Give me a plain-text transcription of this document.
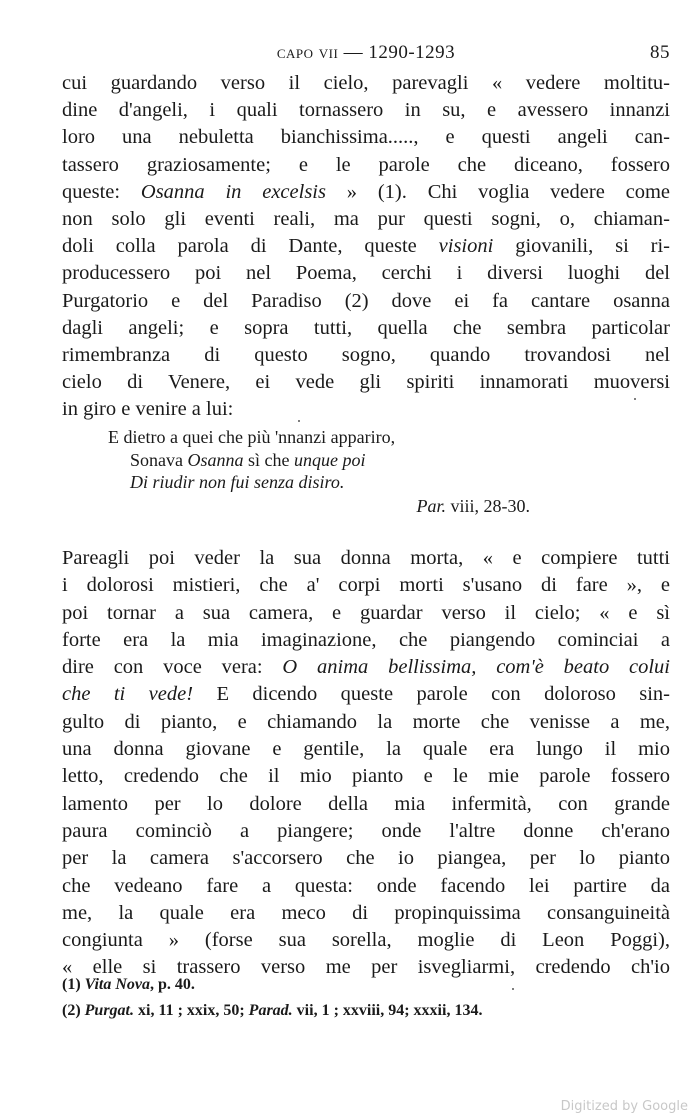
capo vii — 1290-1293	85
cui guardando verso il cielo, parevagli « vedere moltitu-
dine d'angeli, i quali tornassero in su, e avessero innanzi
loro una nebuletta bianchissima....., e questi angeli can-
tassero graziosamente; e le parole che diceano, fossero
queste: Osanna in excelsis » (1). Chi voglia vedere come
non solo gli eventi reali, ma pur questi sogni, o, chiaman-
doli colla parola di Dante, queste visioni giovanili, si ri-
producessero poi nel Poema, cerchi i diversi luoghi del
Purgatorio e del Paradiso (2) dove ei fa cantare osanna
dagli angeli; e sopra tutti, quella che sembra particolar
rimembranza di questo sogno, quando trovandosi nel
cielo di Venere, ei vede gli spiriti innamorati muoversi
in giro e venire a lui:
E dietro a quei che più 'nnanzi appariro,
Sonava Osanna sì che unque poi
Di riudir non fui senza disiro.
Par. viii, 28-30.
Pareagli poi veder la sua donna morta, « e compiere tutti
i dolorosi mistieri, che a' corpi morti s'usano di fare », e
poi tornar a sua camera, e guardar verso il cielo; « e sì
forte era la mia imaginazione, che piangendo cominciai a
dire con voce vera: O anima bellissima, com'è beato colui
che ti vede! E dicendo queste parole con doloroso sin-
gulto di pianto, e chiamando la morte che venisse a me,
una donna giovane e gentile, la quale era lungo il mio
letto, credendo che il mio pianto e le mie parole fossero
lamento per lo dolore della mia infermità, con grande
paura cominciò a piangere; onde l'altre donne ch'erano
per la camera s'accorsero che io piangea, per lo pianto
che vedeano fare a questa: onde facendo lei partire da
me, la quale era meco di propinquissima consanguineità
congiunta » (forse sua sorella, moglie di Leon Poggi),
« elle si trassero verso me per isvegliarmi, credendo ch'io
(1) Vita Nova, p. 40.
(2) Purgat. xi, 11 ; xxix, 50; Parad. vii, 1 ; xxviii, 94; xxxii, 134.
Digitized by Google
